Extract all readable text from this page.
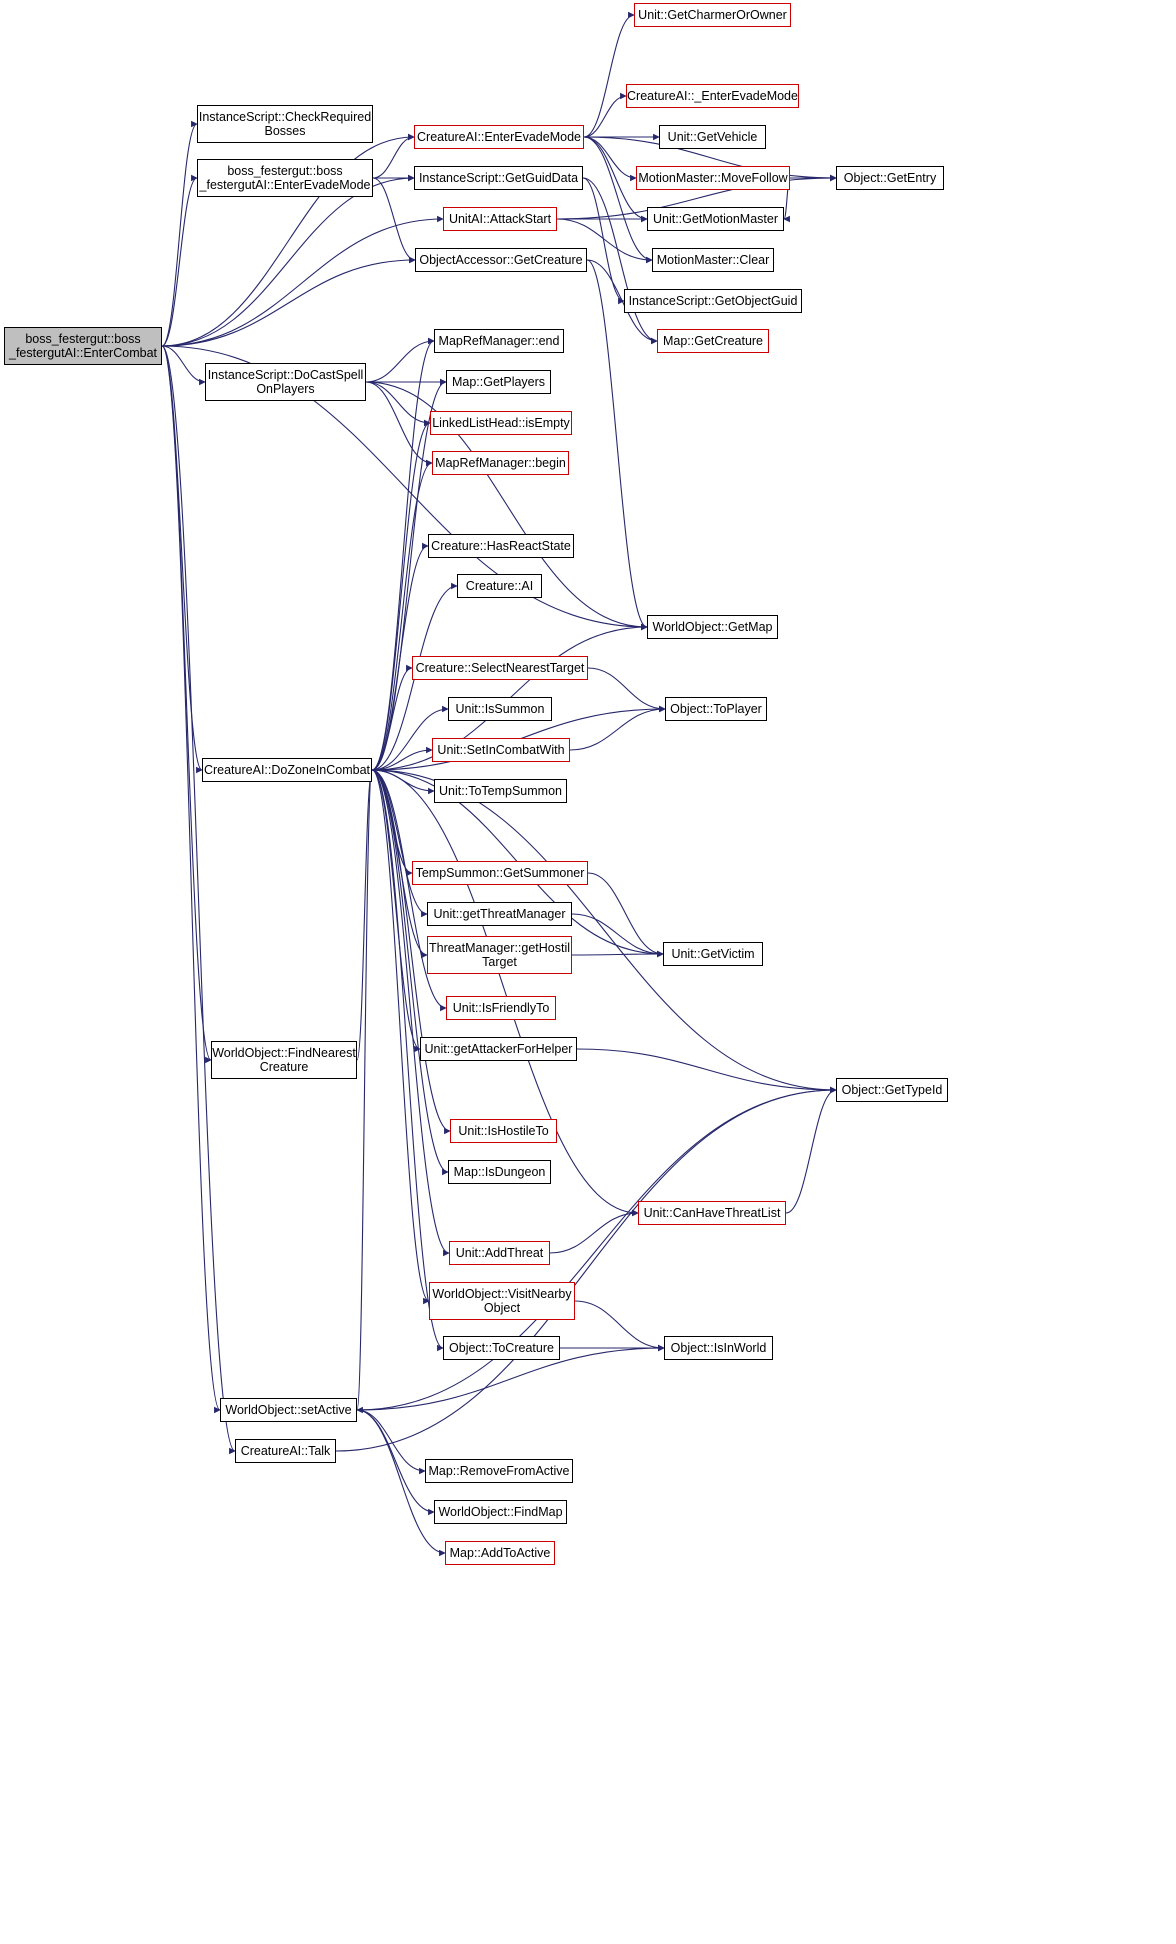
boss_festergut::boss
_festergutAI::EnterCombat
InstanceScript::CheckRequired
Bosses
boss_festergut::boss
_festergutAI::EnterEvadeMode
CreatureAI::EnterEvadeMode
Unit::GetCharmerOrOwner
CreatureAI::_EnterEvadeMode
Unit::GetVehicle
MotionMaster::MoveFollow	Object::GetEntry
InstanceScript::GetGuidData
UnitAI::AttackStart	Unit::GetMotionMaster
ObjectAccessor::GetCreature	MotionMaster::Clear
InstanceScript::GetObjectGuid
Map::GetCreature
MapRefManager::end
InstanceScript::DoCastSpell
OnPlayers	Map::GetPlayers
LinkedListHead::isEmpty
MapRefManager::begin
Creature::HasReactState
Creature::AI
WorldObject::GetMap
Creature::SelectNearestTarget
Unit::IsSummon	Object::ToPlayer
Unit::SetInCombatWith
CreatureAI::DoZoneInCombat
Unit::ToTempSummon
TempSummon::GetSummoner
Unit::getThreatManager
ThreatManager::getHostil
Target
Unit::GetVictim
Unit::IsFriendlyTo
Unit::getAttackerForHelper
Object::GetTypeId
WorldObject::FindNearest
Creature
Unit::IsHostileTo
Map::IsDungeon
Unit::CanHaveThreatList
Unit::AddThreat
WorldObject::VisitNearby
Object
Object::ToCreature	Object::IsInWorld
WorldObject::setActive
CreatureAI::Talk
Map::RemoveFromActive
WorldObject::FindMap
Map::AddToActive
